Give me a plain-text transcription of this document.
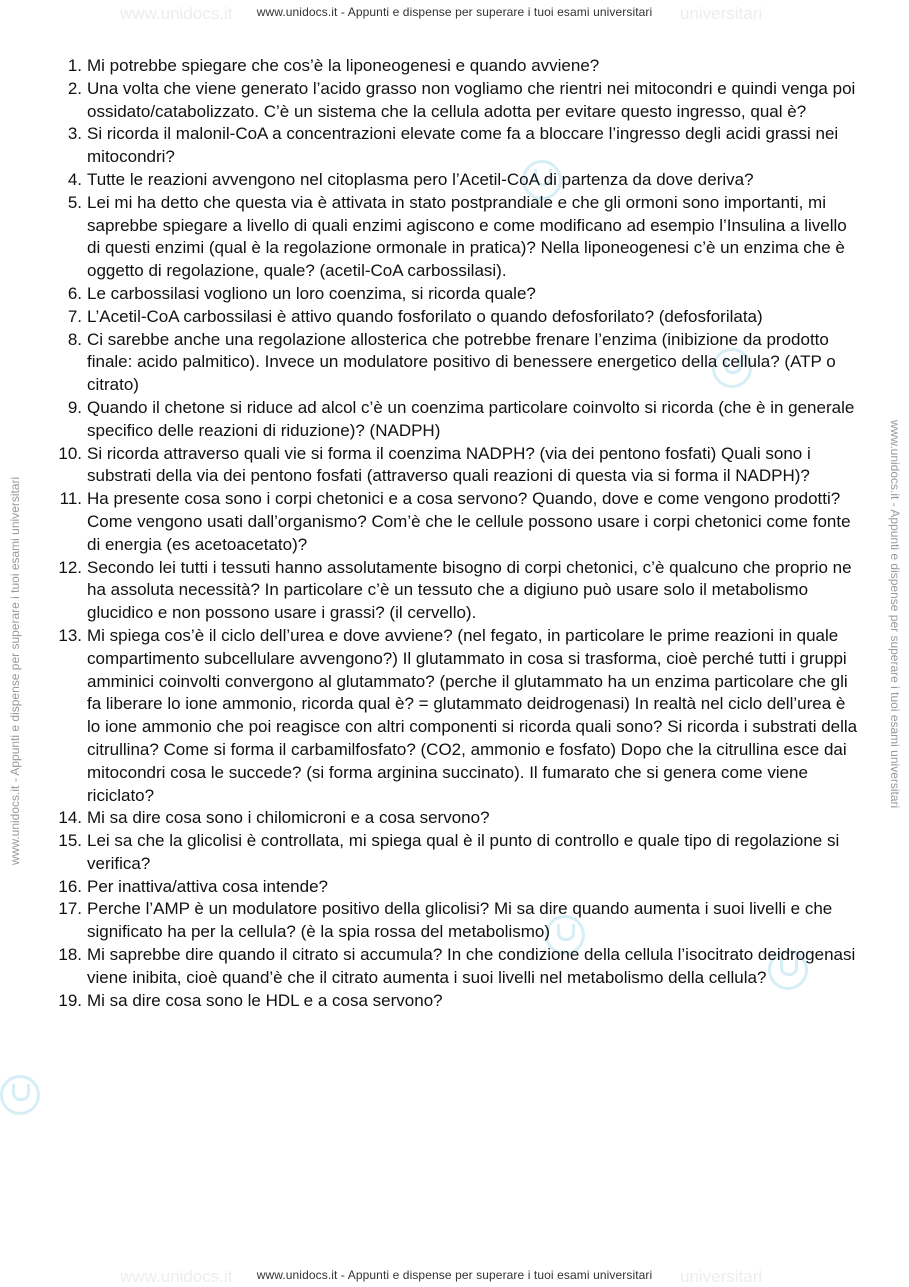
www.unidocs.it	universitari
www.unidocs.it	universitari
www.unidocs.it - Appunti e dispense per superare i tuoi esami universitari
www.unidocs.it - Appunti e dispense per superare i tuoi esami universitari
www.unidocs.it - Appunti e dispense per superare i tuoi esami universitari	www.unidocs.it - Appunti e dispense per superare i tuoi esami universitari
1. Mi potrebbe spiegare che cos’è la liponeogenesi e quando avviene?
2. Una volta che viene generato l’acido grasso non vogliamo che rientri nei mitocondri e quindi venga poi ossidato/catabolizzato. C’è un sistema che la cellula adotta per evitare questo ingresso, qual è?
3. Si ricorda il malonil-CoA a concentrazioni elevate come fa a bloccare l’ingresso degli acidi grassi nei mitocondri?
4. Tutte le reazioni avvengono nel citoplasma pero l’Acetil-CoA di partenza da dove deriva?
5. Lei mi ha detto che questa via è attivata in stato postprandiale e che gli ormoni sono importanti, mi saprebbe spiegare a livello di quali enzimi agiscono e come modificano ad esempio l’Insulina a livello di questi enzimi (qual è la regolazione ormonale in pratica)? Nella liponeogenesi c’è un enzima che è oggetto di regolazione, quale? (acetil-CoA carbossilasi).
6. Le carbossilasi vogliono un loro coenzima, si ricorda quale?
7. L’Acetil-CoA carbossilasi è attivo quando fosforilato o quando defosforilato? (defosforilata)
8. Ci sarebbe anche una regolazione allosterica che potrebbe frenare l’enzima (inibizione da prodotto finale: acido palmitico). Invece un modulatore positivo di benessere energetico della cellula? (ATP o citrato)
9. Quando il chetone si riduce ad alcol c’è un coenzima particolare coinvolto si ricorda (che è in generale specifico delle reazioni di riduzione)? (NADPH)
10. Si ricorda attraverso quali vie si forma il coenzima NADPH? (via dei pentono fosfati) Quali sono i substrati della via dei pentono fosfati (attraverso quali reazioni di questa via si forma il NADPH)?
11. Ha presente cosa sono i corpi chetonici e a cosa servono? Quando, dove e come vengono prodotti? Come vengono usati dall’organismo? Com’è che le cellule possono usare i corpi chetonici come fonte di energia (es acetoacetato)?
12. Secondo lei tutti i tessuti hanno assolutamente bisogno di corpi chetonici, c’è qualcuno che proprio ne ha assoluta necessità? In particolare c’è un tessuto che a digiuno può usare solo il metabolismo glucidico e non possono usare i grassi? (il cervello).
13. Mi spiega cos’è il ciclo dell’urea e dove avviene? (nel fegato, in particolare le prime reazioni in quale compartimento subcellulare avvengono?) Il glutammato in cosa si trasforma, cioè perché tutti i gruppi amminici coinvolti convergono al glutammato? (perche il glutammato ha un enzima particolare che gli fa liberare lo ione ammonio, ricorda qual è? = glutammato deidrogenasi) In realtà nel ciclo dell’urea è lo ione ammonio che poi reagisce con altri componenti si ricorda quali sono? Si ricorda i substrati della citrullina? Come si forma il carbamilfosfato? (CO2, ammonio e fosfato) Dopo che la citrullina esce dai mitocondri cosa le succede? (si forma arginina succinato). Il fumarato che si genera come viene riciclato?
14. Mi sa dire cosa sono i chilomicroni e a cosa servono?
15. Lei sa che la glicolisi è controllata, mi spiega qual è il punto di controllo e quale tipo di regolazione si verifica?
16. Per inattiva/attiva cosa intende?
17. Perche l’AMP è un modulatore positivo della glicolisi? Mi sa dire quando aumenta i suoi livelli e che significato ha per la cellula? (è la spia rossa del metabolismo)
18. Mi saprebbe dire quando il citrato si accumula? In che condizione della cellula l’isocitrato deidrogenasi viene inibita, cioè quand’è che il citrato aumenta i suoi livelli nel metabolismo della cellula?
19. Mi sa dire cosa sono le HDL e a cosa servono?
